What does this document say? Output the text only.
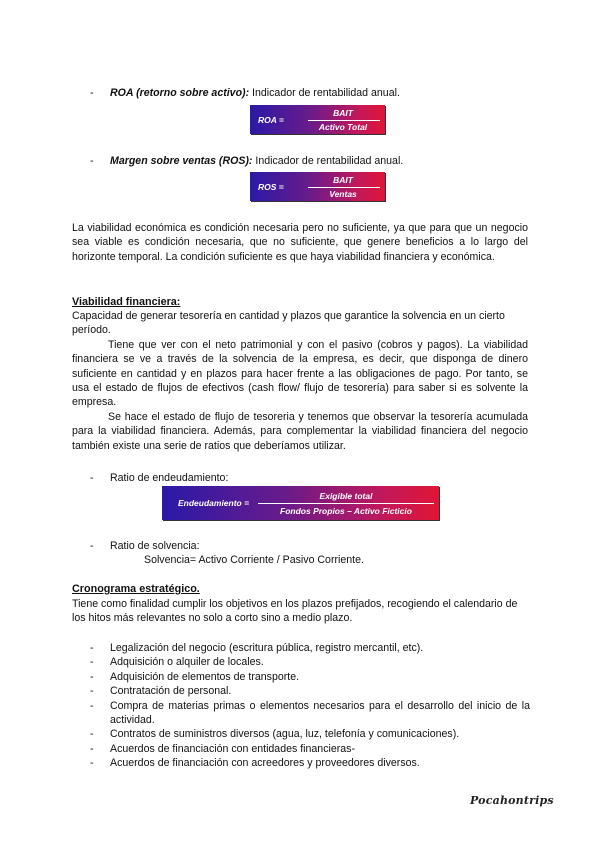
- ROA (retorno sobre activo): Indicador de rentabilidad anual.
ROA =
BAIT
Activo Total
- Margen sobre ventas (ROS): Indicador de rentabilidad anual.
ROS =
BAIT
Ventas

La viabilidad económica es condición necesaria pero no suficiente, ya que para que un negocio sea viable es condición necesaria, que no suficiente, que genere beneficios a lo largo del horizonte temporal. La condición suficiente es que haya viabilidad financiera y económica.

Viabilidad financiera:

Capacidad de generar tesorería en cantidad y plazos que garantice la solvencia en un cierto período.

Tiene que ver con el neto patrimonial y con el pasivo (cobros y pagos). La viabilidad financiera se ve a través de la solvencia de la empresa, es decir, que disponga de dinero suficiente en cantidad y en plazos para hacer frente a las obligaciones de pago. Por tanto, se usa el estado de flujos de efectivos (cash flow/ flujo de tesorería) para saber si es solvente la empresa.

Se hace el estado de flujo de tesoreria y tenemos que observar la tesorería acumulada para la viabilidad financiera. Además, para complementar la viabilidad financiera del negocio también existe una serie de ratios que deberíamos utilizar.

- Ratio de endeudamiento:
Endeudamiento =
Exigible total
Fondos Propios – Activo Ficticio
- Ratio de solvencia:
Solvencia= Activo Corriente / Pasivo Corriente.
Cronograma estratégico.

Tiene como finalidad cumplir los objetivos en los plazos prefijados, recogiendo el calendario de los hitos más relevantes no solo a corto sino a medio plazo.

- Legalización del negocio (escritura pública, registro mercantil, etc).
- Adquisición o alquiler de locales.
- Adquisición de elementos de transporte.
- Contratación de personal.
- Compra de materias primas o elementos necesarios para el desarrollo del inicio de la actividad.
- Contratos de suministros diversos (agua, luz, telefonía y comunicaciones).
- Acuerdos de financiación con entidades financieras-
- Acuerdos de financiación con acreedores y proveedores diversos.
Pocahontrips
